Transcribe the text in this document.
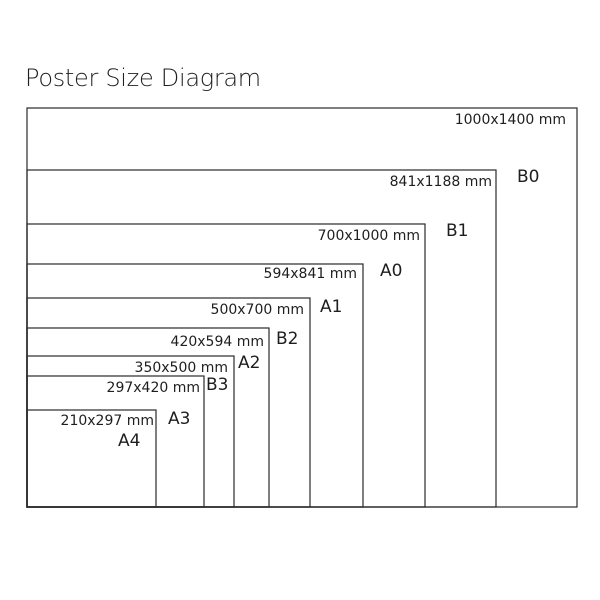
Poster Size Diagram
1000x1400 mm
B0
841x1188 mm
B1
700x1000 mm
A0
594x841 mm
A1
500x700 mm
B2
420x594 mm
A2
350x500 mm
B3
297x420 mm
A3
210x297 mm
A4
